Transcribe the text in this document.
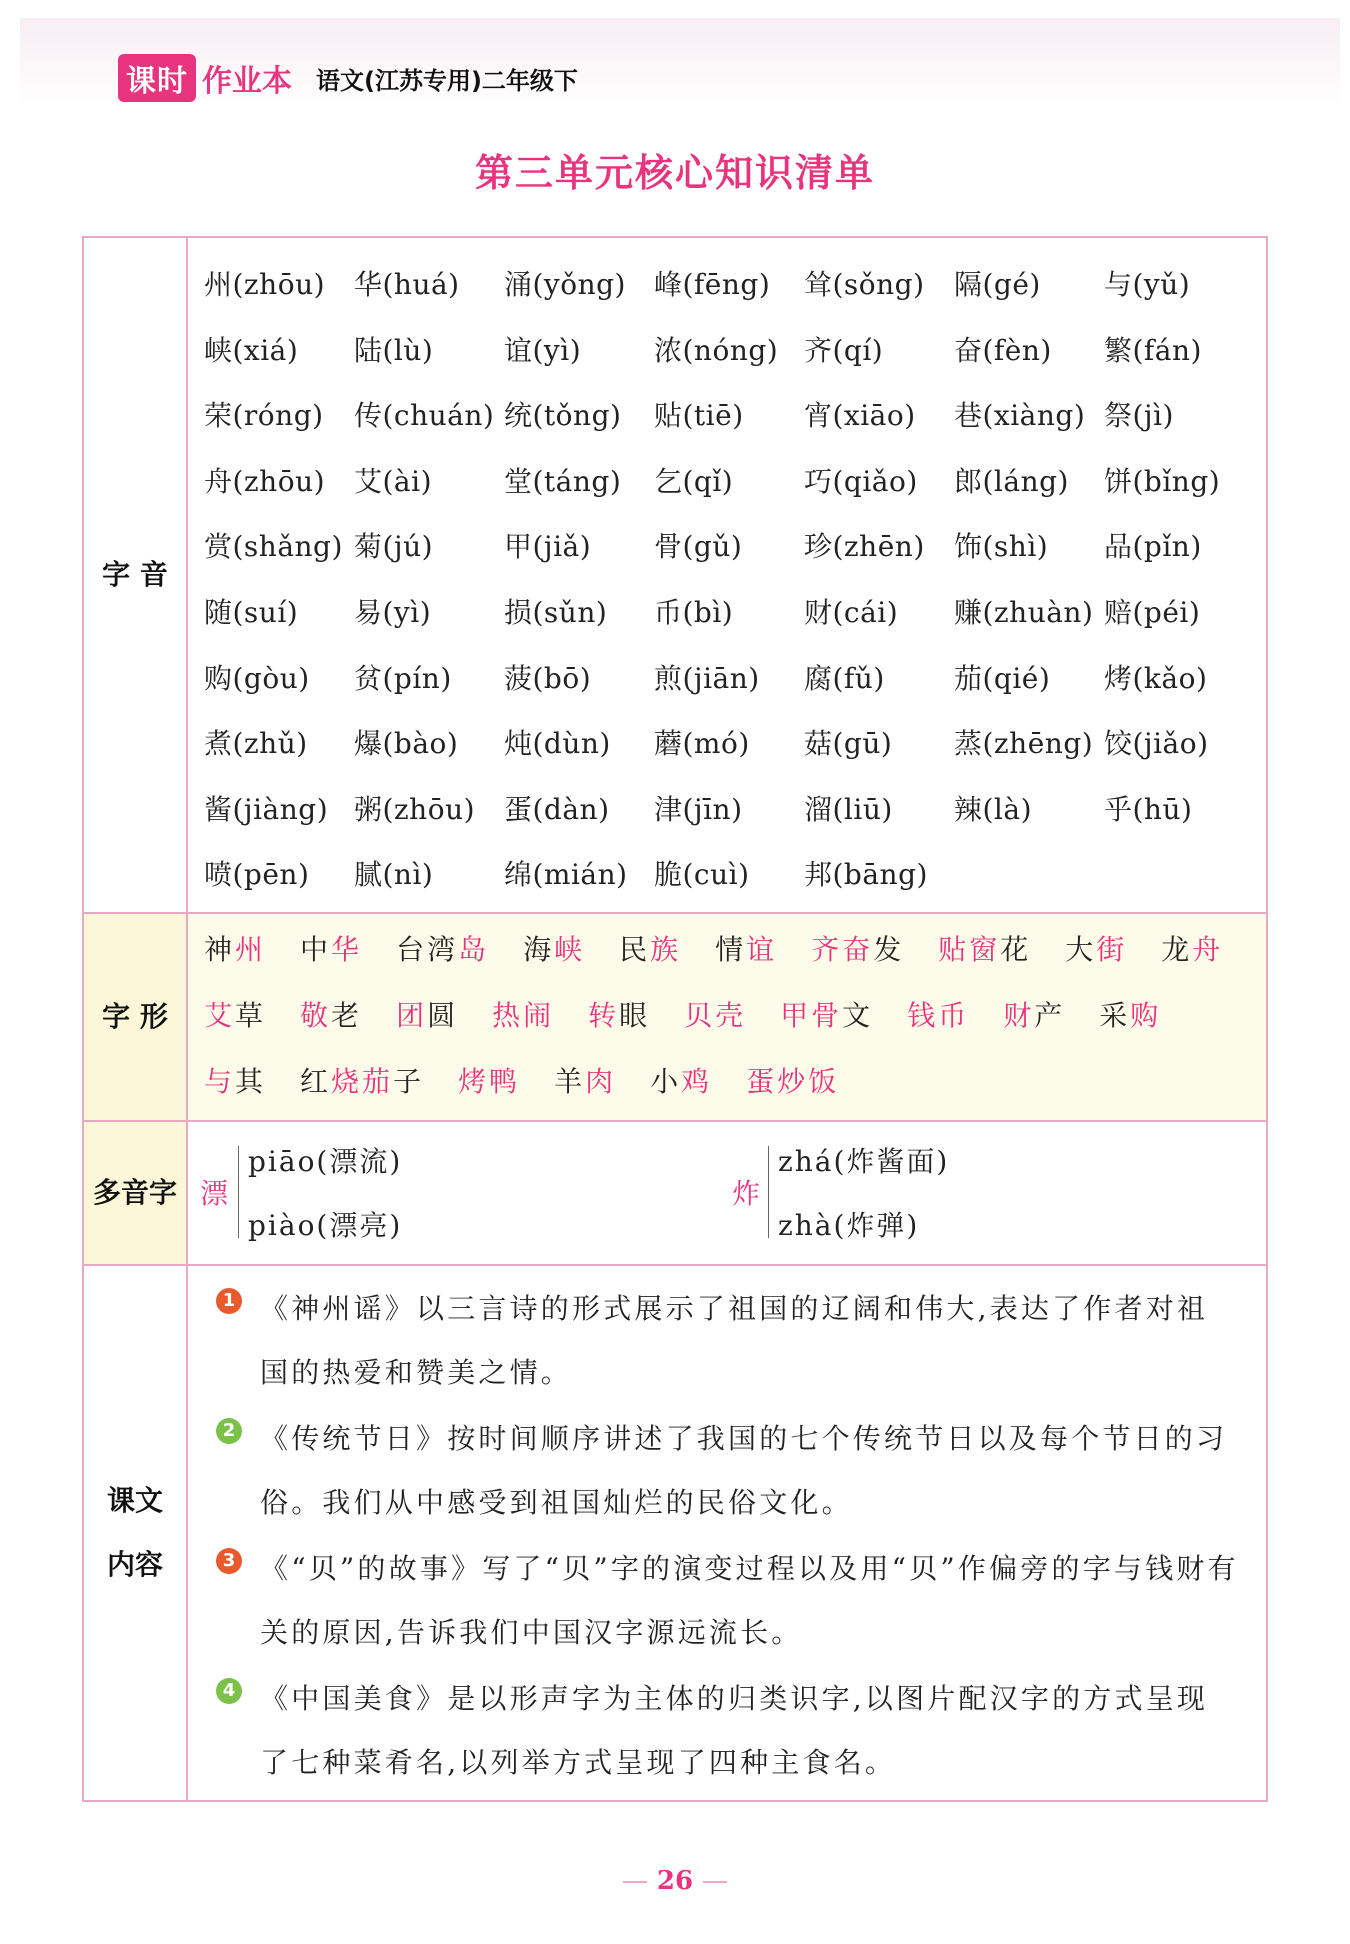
课时 作业本 语文(江苏专用)二年级下
第三单元核心知识清单
字 音
州(zhōu)	华(huá)	涌(yǒng)	峰(fēng)	耸(sǒng)	隔(gé)	与(yǔ)
峡(xiá)	陆(lù)	谊(yì)	浓(nóng) 齐(qí)	奋(fèn)	繁(fán)
荣(róng)	传(chuán) 统(tǒng)	贴(tiē)	宵(xiāo)	巷(xiàng) 祭(jì)
舟(zhōu)	艾(ài)	堂(táng)	乞(qǐ)	巧(qiǎo)	郎(láng)	饼(bǐng)
赏(shǎng) 菊(jú)	甲(jiǎ)	骨(gǔ)	珍(zhēn)	饰(shì)	品(pǐn)
随(suí)	易(yì)	损(sǔn)	币(bì)	财(cái)	赚(zhuàn) 赔(péi)
购(gòu)	贫(pín)	菠(bō)	煎(jiān)	腐(fǔ)	茄(qié)	烤(kǎo)
煮(zhǔ)	爆(bào)	炖(dùn)	蘑(mó)	菇(gū)	蒸(zhēng) 饺(jiǎo)
酱(jiàng) 粥(zhōu)	蛋(dàn)	津(jīn)	溜(liū)	辣(là)	乎(hū)
喷(pēn)	腻(nì)	绵(mián) 脆(cuì)	邦(bāng)
字 形
神州 中华 台湾岛 海峡 民族 情谊 齐奋发 贴窗花 大街 龙舟
艾草 敬老 团圆 热闹 转眼 贝壳 甲骨文 钱币 财产 采购
与其 红烧茄子 烤鸭 羊肉 小鸡 蛋炒饭
多音字 漂
piāo(漂流)
piào(漂亮)
炸
zhá(炸酱面)
zhà(炸弹)
课文
内容
1 《神州谣》以三言诗的形式展示了祖国的辽阔和伟大,表达了作者对祖
国的热爱和赞美之情。
2 《传统节日》按时间顺序讲述了我国的七个传统节日以及每个节日的习
俗。我们从中感受到祖国灿烂的民俗文化。
3 《“贝”的故事》写了“贝”字的演变过程以及用“贝”作偏旁的字与钱财有
关的原因,告诉我们中国汉字源远流长。
4 《中国美食》是以形声字为主体的归类识字,以图片配汉字的方式呈现
了七种菜肴名,以列举方式呈现了四种主食名。
26
